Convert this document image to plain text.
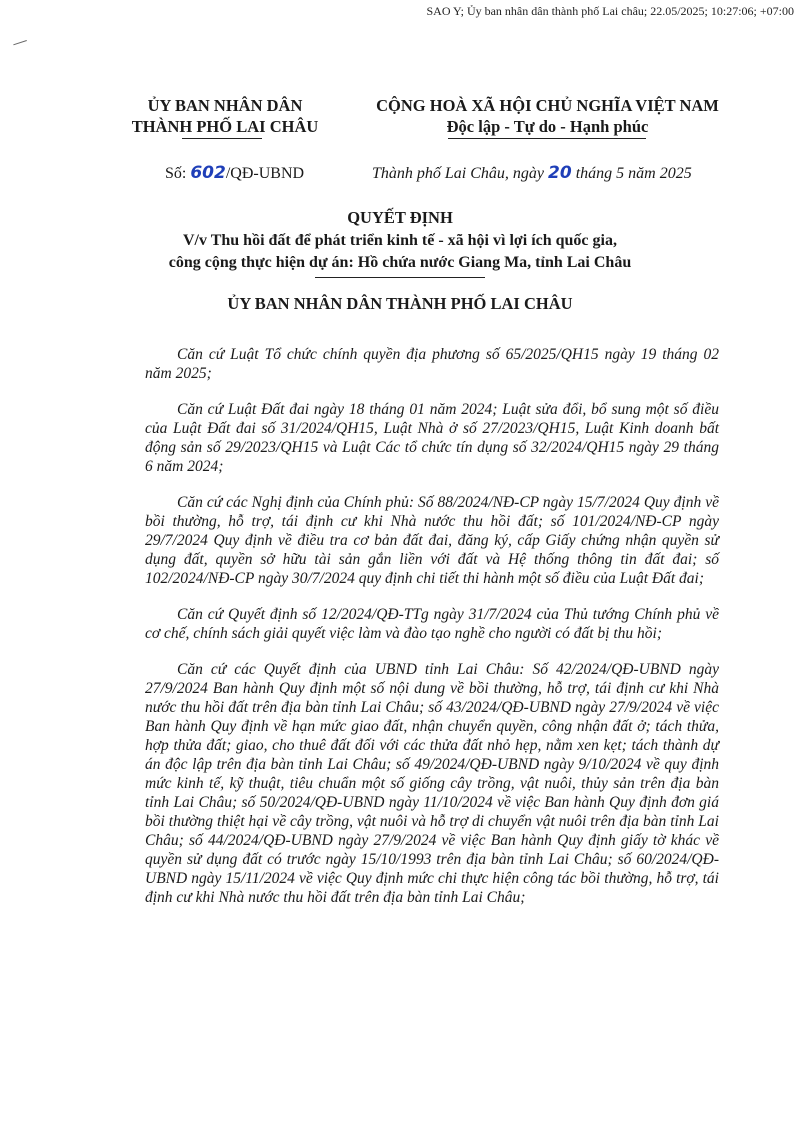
SAO Y; Ủy ban nhân dân thành phố Lai châu; 22.05/2025; 10:27:06; +07:00
ỦY BAN NHÂN DÂN
THÀNH PHỐ LAI CHÂU
CỘNG HOÀ XÃ HỘI CHỦ NGHĨA VIỆT NAM
Độc lập - Tự do - Hạnh phúc
Số: 602/QĐ-UBND	Thành phố Lai Châu, ngày 20 tháng 5 năm 2025
QUYẾT ĐỊNH
V/v Thu hồi đất để phát triển kinh tế - xã hội vì lợi ích quốc gia,
công cộng thực hiện dự án: Hồ chứa nước Giang Ma, tỉnh Lai Châu
ỦY BAN NHÂN DÂN THÀNH PHỐ LAI CHÂU

Căn cứ Luật Tổ chức chính quyền địa phương số 65/2025/QH15 ngày 19 tháng 02 năm 2025;

Căn cứ Luật Đất đai ngày 18 tháng 01 năm 2024; Luật sửa đổi, bổ sung một số điều của Luật Đất đai số 31/2024/QH15, Luật Nhà ở số 27/2023/QH15, Luật Kinh doanh bất động sản số 29/2023/QH15 và Luật Các tổ chức tín dụng số 32/2024/QH15 ngày 29 tháng 6 năm 2024;

Căn cứ các Nghị định của Chính phủ: Số 88/2024/NĐ-CP ngày 15/7/2024 Quy định về bồi thường, hỗ trợ, tái định cư khi Nhà nước thu hồi đất; số 101/2024/NĐ-CP ngày 29/7/2024 Quy định về điều tra cơ bản đất đai, đăng ký, cấp Giấy chứng nhận quyền sử dụng đất, quyền sở hữu tài sản gắn liền với đất và Hệ thống thông tin đất đai; số 102/2024/NĐ-CP ngày 30/7/2024 quy định chi tiết thi hành một số điều của Luật Đất đai;

Căn cứ Quyết định số 12/2024/QĐ-TTg ngày 31/7/2024 của Thủ tướng Chính phủ về cơ chế, chính sách giải quyết việc làm và đào tạo nghề cho người có đất bị thu hồi;

Căn cứ các Quyết định của UBND tỉnh Lai Châu: Số 42/2024/QĐ-UBND ngày 27/9/2024 Ban hành Quy định một số nội dung về bồi thường, hỗ trợ, tái định cư khi Nhà nước thu hồi đất trên địa bàn tỉnh Lai Châu; số 43/2024/QĐ-UBND ngày 27/9/2024 về việc Ban hành Quy định về hạn mức giao đất, nhận chuyển quyền, công nhận đất ở; tách thửa, hợp thửa đất; giao, cho thuê đất đối với các thửa đất nhỏ hẹp, nằm xen kẹt; tách thành dự án độc lập trên địa bàn tỉnh Lai Châu; số 49/2024/QĐ-UBND ngày 9/10/2024 về quy định mức kinh tế, kỹ thuật, tiêu chuẩn một số giống cây trồng, vật nuôi, thủy sản trên địa bàn tỉnh Lai Châu; số 50/2024/QĐ-UBND ngày 11/10/2024 về việc Ban hành Quy định đơn giá bồi thường thiệt hại về cây trồng, vật nuôi và hỗ trợ di chuyển vật nuôi trên địa bàn tỉnh Lai Châu; số 44/2024/QĐ-UBND ngày 27/9/2024 về việc Ban hành Quy định giấy tờ khác về quyền sử dụng đất có trước ngày 15/10/1993 trên địa bàn tỉnh Lai Châu; số 60/2024/QĐ-UBND ngày 15/11/2024 về việc Quy định mức chi thực hiện công tác bồi thường, hỗ trợ, tái định cư khi Nhà nước thu hồi đất trên địa bàn tỉnh Lai Châu;
